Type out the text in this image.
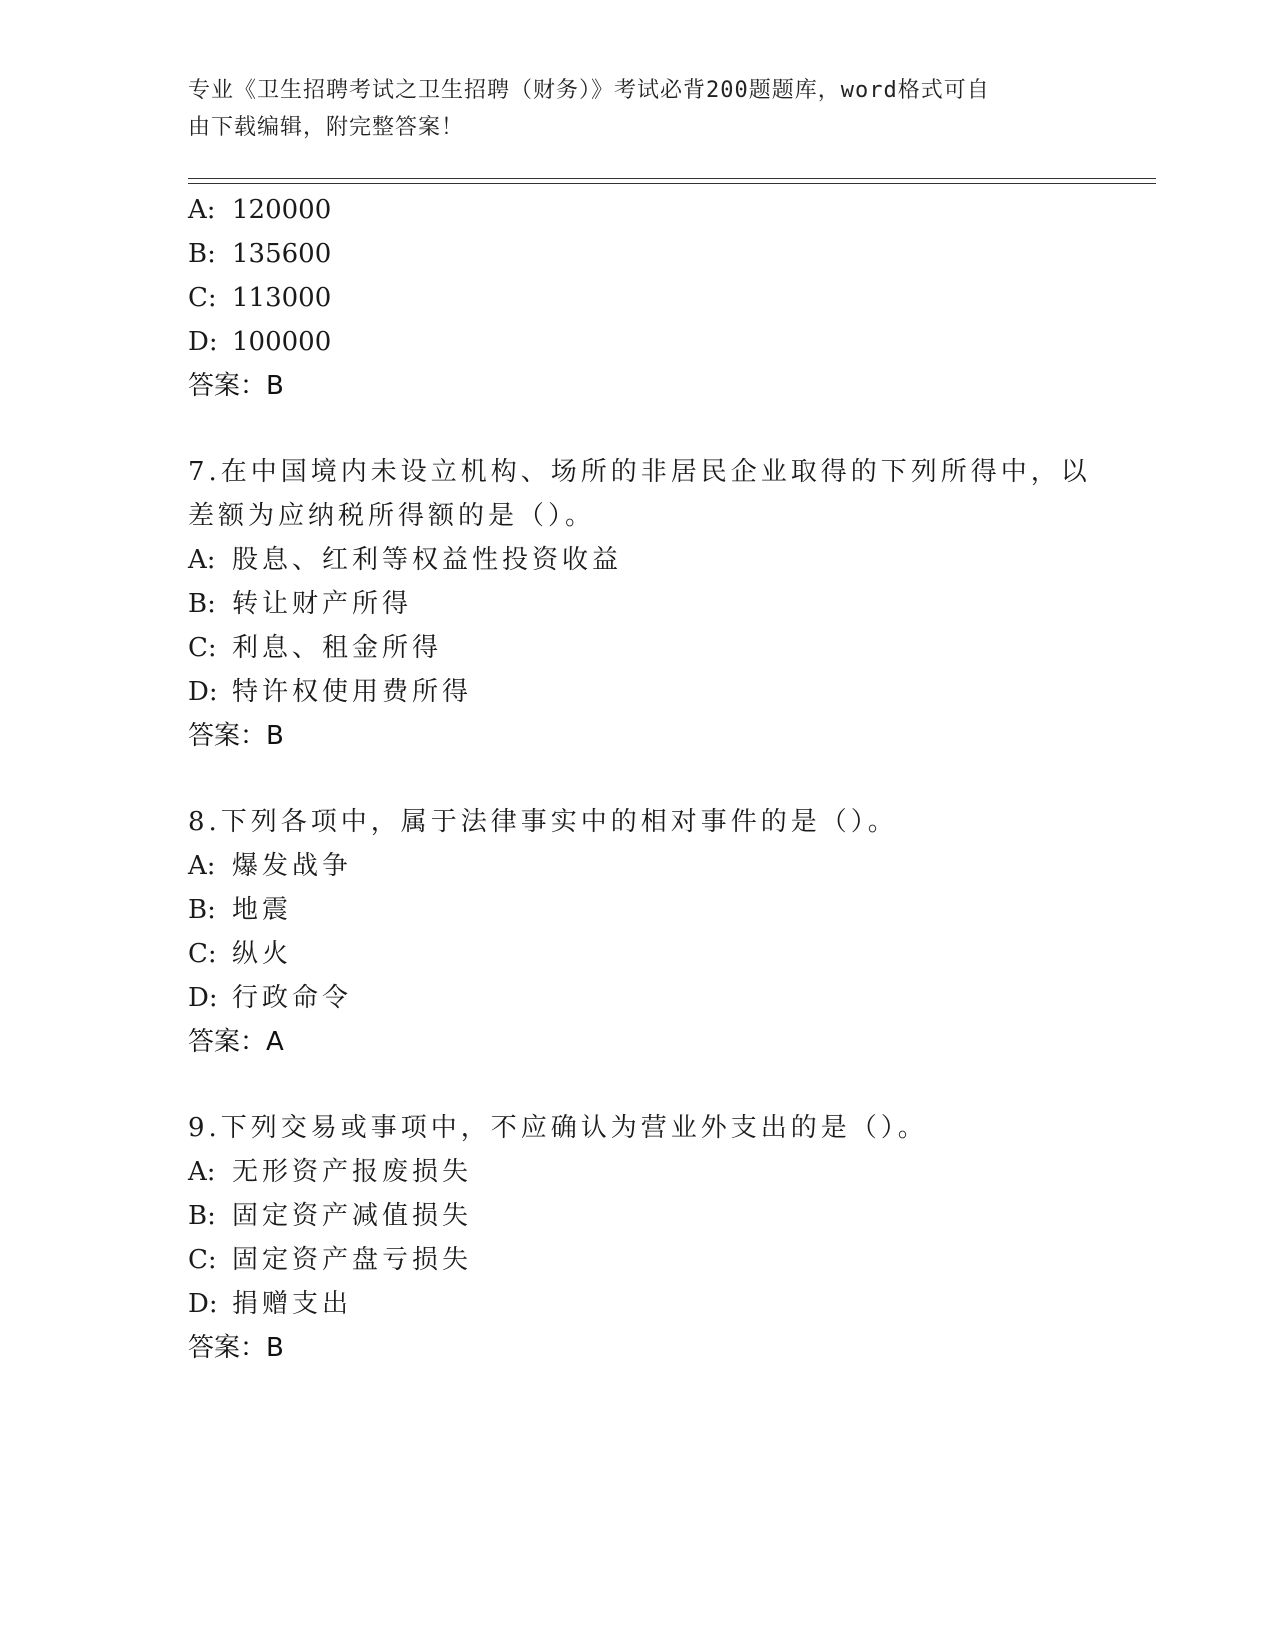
专业《卫生招聘考试之卫生招聘（财务）》考试必背200题题库，word格式可自
由下载编辑，附完整答案！
A: 120000
B: 135600
C: 113000
D: 100000
答案：B
7.在中国境内未设立机构、场所的非居民企业取得的下列所得中，以
差额为应纳税所得额的是（）。
A: 股息、红利等权益性投资收益
B: 转让财产所得
C: 利息、租金所得
D: 特许权使用费所得
答案：B
8.下列各项中，属于法律事实中的相对事件的是（）。
A: 爆发战争
B: 地震
C: 纵火
D: 行政命令
答案：A
9.下列交易或事项中，不应确认为营业外支出的是（）。
A: 无形资产报废损失
B: 固定资产减值损失
C: 固定资产盘亏损失
D: 捐赠支出
答案：B
